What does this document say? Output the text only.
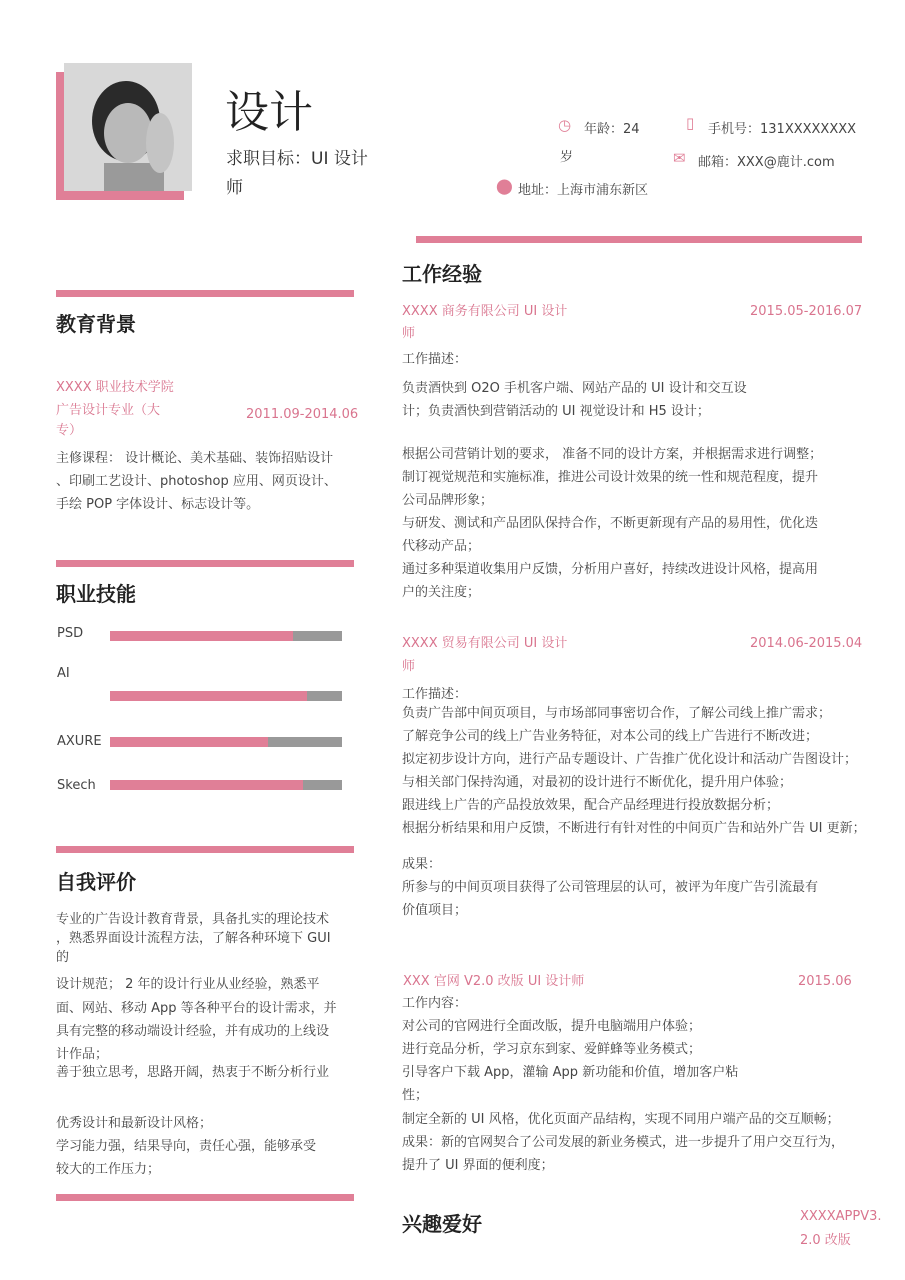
设计
求职目标：UI 设计
师
◷ 年龄：24
岁
▯ 手机号：131XXXXXXXX
✉ 邮箱：XXX@鹿计.com
⬤ 地址：上海市浦东新区
教育背景
XXXX 职业技术学院
广告设计专业（大
专）
2011.09-2014.06
主修课程： 设计概论、美术基础、装饰招贴设计
、印刷工艺设计、photoshop 应用、网页设计、
手绘 POP 字体设计、标志设计等。
职业技能
PSD
AI
AXURE
Skech
自我评价
专业的广告设计教育背景，具备扎实的理论技术
，熟悉界面设计流程方法，了解各种环境下 GUI
的
设计规范； 2 年的设计行业从业经验，熟悉平
面、网站、移动 App 等各种平台的设计需求，并
具有完整的移动端设计经验，并有成功的上线设
计作品；
善于独立思考，思路开阔，热衷于不断分析行业
优秀设计和最新设计风格；
学习能力强，结果导向，责任心强，能够承受
较大的工作压力；
工作经验
XXXX 商务有限公司 UI 设计
师
2015.05-2016.07
工作描述：
负责酒快到 O2O 手机客户端、网站产品的 UI 设计和交互设
计；负责酒快到营销活动的 UI 视觉设计和 H5 设计；
根据公司营销计划的要求， 准备不同的设计方案，并根据需求进行调整；
制订视觉规范和实施标准，推进公司设计效果的统一性和规范程度，提升
公司品牌形象；
与研发、测试和产品团队保持合作，不断更新现有产品的易用性，优化迭
代移动产品；
通过多种渠道收集用户反馈，分析用户喜好，持续改进设计风格，提高用
户的关注度；
XXXX 贸易有限公司 UI 设计
师
2014.06-2015.04
工作描述：
负责广告部中间页项目，与市场部同事密切合作，了解公司线上推广需求；
了解竞争公司的线上广告业务特征，对本公司的线上广告进行不断改进；
拟定初步设计方向，进行产品专题设计、广告推广优化设计和活动广告图设计；
与相关部门保持沟通，对最初的设计进行不断优化，提升用户体验；
跟进线上广告的产品投放效果，配合产品经理进行投放数据分析；
根据分析结果和用户反馈，不断进行有针对性的中间页广告和站外广告 UI 更新；
成果：
所参与的中间页项目获得了公司管理层的认可，被评为年度广告引流最有
价值项目；
XXX 官网 V2.0 改版 UI 设计师	2015.06
工作内容：
对公司的官网进行全面改版，提升电脑端用户体验；
进行竞品分析，学习京东到家、爱鲜蜂等业务模式；
引导客户下载 App，灌输 App 新功能和价值，增加客户粘
性；
制定全新的 UI 风格，优化页面产品结构，实现不同用户端产品的交互顺畅；
成果：新的官网契合了公司发展的新业务模式，进一步提升了用户交互行为，
提升了 UI 界面的便利度；
兴趣爱好	XXXXAPPV3.
2.0 改版
